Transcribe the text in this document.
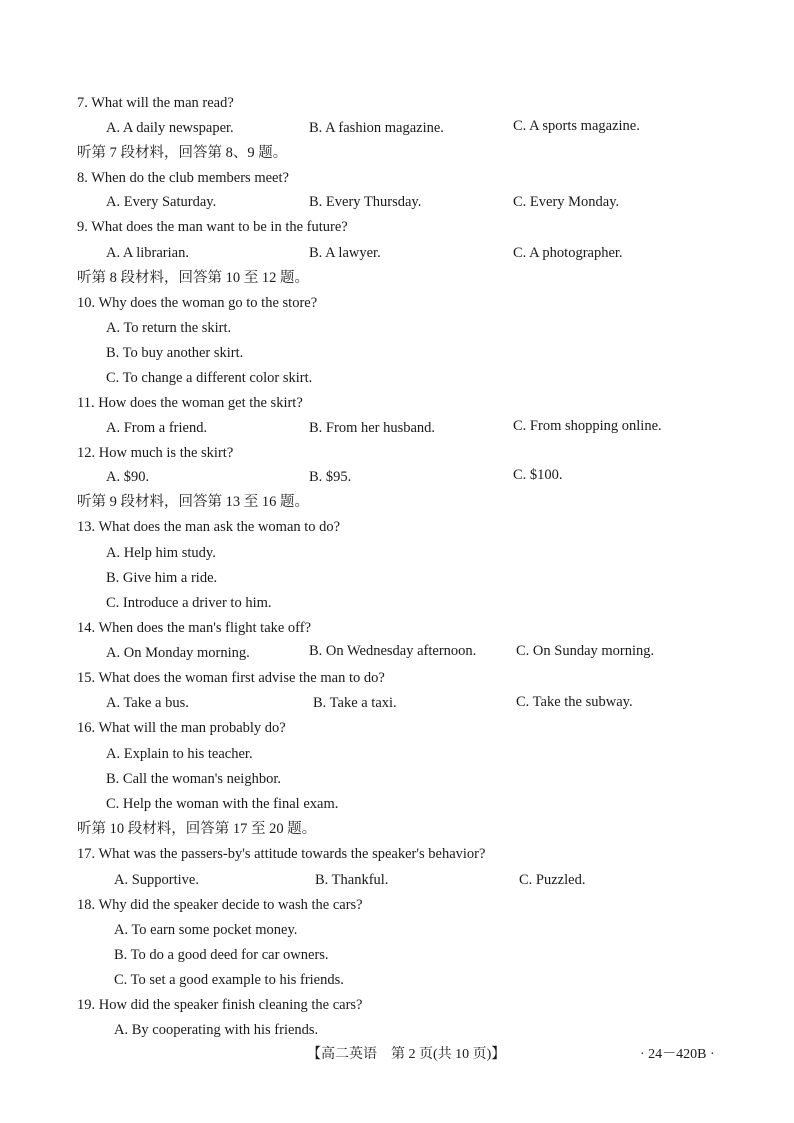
7. What will the man read?
A. A daily newspaper.	B. A fashion magazine.	C. A sports magazine.
听第 7 段材料，回答第 8、9 题。
8. When do the club members meet?
A. Every Saturday.	B. Every Thursday.	C. Every Monday.
9. What does the man want to be in the future?
A. A librarian.	B. A lawyer.	C. A photographer.
听第 8 段材料，回答第 10 至 12 题。
10. Why does the woman go to the store?
A. To return the skirt.
B. To buy another skirt.
C. To change a different color skirt.
11. How does the woman get the skirt?
A. From a friend.	B. From her husband.	C. From shopping online.
12. How much is the skirt?
A. $90.	B. $95.	C. $100.
听第 9 段材料，回答第 13 至 16 题。
13. What does the man ask the woman to do?
A. Help him study.
B. Give him a ride.
C. Introduce a driver to him.
14. When does the man's flight take off?
A. On Monday morning.	B. On Wednesday afternoon.	C. On Sunday morning.
15. What does the woman first advise the man to do?
A. Take a bus.	B. Take a taxi.	C. Take the subway.
16. What will the man probably do?
A. Explain to his teacher.
B. Call the woman's neighbor.
C. Help the woman with the final exam.
听第 10 段材料，回答第 17 至 20 题。
17. What was the passers-by's attitude towards the speaker's behavior?
A. Supportive.	B. Thankful.	C. Puzzled.
18. Why did the speaker decide to wash the cars?
A. To earn some pocket money.
B. To do a good deed for car owners.
C. To set a good example to his friends.
19. How did the speaker finish cleaning the cars?
A. By cooperating with his friends.
【高二英语　第 2 页(共 10 页)】	· 24－420B ·
